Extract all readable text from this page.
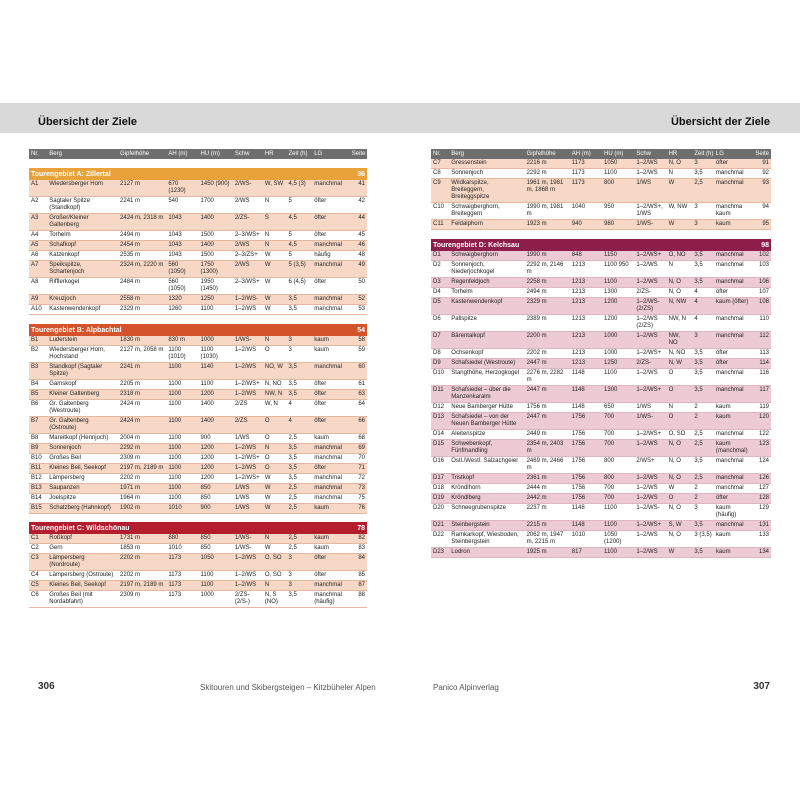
Übersicht der Ziele	Übersicht der Ziele
Nr.	Berg	Gipfelhöhe	AH (m)	HU (m)	Schw	HR	Zeit (h)	LG	Seite

Tourengebiet A: Zillertal									36
A1	Wiedersberger Horn	2127 m	670 (1230)	1450 (900)	2/WS-	W, SW	4,5 (3)	manchmal	41
A2	Sagtaler Spitze (Standkopf)	2241 m	540	1700	2/WS	N	5	öfter	42
A3	Großer/Kleiner Galtenberg	2424 m, 2318 m	1043	1400	2/ZS-	S	4,5	öfter	44
A4	Torhelm	2494 m	1043	1500	2–3/WS+	N	5	öfter	45
A5	Schafkopf	2454 m	1043	1400	2/WS	N	4,5	manchmal	46
A6	Katzenkopf	2535 m	1043	1500	2–3/ZS+	W	5	häufig	48
A7	Speikspitze, Schartenjoch	2324 m, 2220 m	560 (1050)	1750 (1300)	2/WS	W	5 (3,5)	manchmal	49
A8	Rifflerkogel	2484 m	560 (1050)	1950 (1450)	2–3/WS+	W	6 (4,5)	öfter	50
A9	Kreuzjoch	2558 m	1320	1250	1–2/WS-	W	3,5	manchmal	52
A10	Kastenwendenkopf	2329 m	1260	1100	1–2/WS	W	3,5	manchmal	53

Tourengebiet B: Alpbachtal									54
B1	Luderstein	1830 m	830 m	1000	1/WS-	N	3	kaum	58
B2	Wiedersberger Horn, Hochstand	2127 m, 2058 m	1100 (1010)	1100 (1030)	1–2/WS	O	3	kaum	59
B3	Standkopf (Sagtaler Spitze)	2241 m	1100	1140	1–2/WS	NO, W	3,5	manchmal	60
B4	Gamskopf	2205 m	1100	1100	1–2/WS+	N, NO	3,5	öfter	61
B5	Kleiner Galtenberg	2318 m	1100	1200	1–2/WS	NW, N	3,5	öfter	63
B6	Gr. Galtenberg (Westroute)	2424 m	1100	1400	2/ZS	W, N	4	öfter	64
B7	Gr. Galtenberg (Ostroute)	2424 m	1100	1400	2/ZS	O	4	öfter	66
B8	Mareitkopf (Hennjoch)	2004 m	1100	900	1/WS	O	2,5	kaum	68
B9	Sonnenjoch	2292 m	1100	1200	1–2/WS	N	3,5	manchmal	69
B10	Großes Beil	2309 m	1100	1200	1–2/WS+	O	3,5	manchmal	70
B11	Kleines Beil, Seekopf	2197 m, 2189 m	1100	1200	1–2/WS	O	3,5	öfter	71
B12	Lämpersberg	2202 m	1100	1200	1–2/WS+	W	3,5	manchmal	72
B13	Saupanzen	1971 m	1100	850	1/WS	W	2,5	manchmal	73
B14	Joelspitze	1964 m	1100	850	1/WS	W	2,5	manchmal	75
B15	Schatzberg (Hahnkopf)	1902 m	1010	900	1/WS	W	2,5	kaum	76

Tourengebiet C: Wildschönau									78
C1	Roßkopf	1731 m	880	850	1/WS-	N	2,5	kaum	82
C2	Gern	1853 m	1010	850	1/WS-	W	2,5	kaum	83
C3	Lämpersberg (Nordroute)	2202 m	1173	1050	1–2/WS	O, SO	3	öfter	84
C4	Lämpersberg (Ostroute)	2202 m	1173	1100	1–2/WS	O, SO	3	öfter	85
C5	Kleines Beil, Seekopf	2197 m, 2189 m	1173	1100	1–2/WS	N	3	manchmal	87
C6	Großes Beil (mit Nordabfahrt)	2309 m	1173	1000	2/ZS- (2/S-)	N, S (NO)	3,5	manchmal (häufig)	88
Nr.	Berg	Gipfelhöhe	AH (m)	HU (m)	Schw	HR	Zeit (h)	LG	Seite
C7	Gressenstein	2216 m	1173	1050	1–2/WS	N, O	3	öfter	91
C8	Sonnenjoch	2292 m	1173	1100	1–2/WS	N	3,5	manchmal	92
C9	Wildkarspitze, Breiteggern, Breiteggspitze	1961 m, 1981 m, 1868 m	1173	800	1/WS	W	2,5	manchmal	93
C10	Schwaigberghorn, Breiteggern	1990 m, 1981 m	1040	950	1–2/WS+, 1/WS	W, NW	3	manchma kaum	94
C11	Feldalphorn	1923 m	940	980	1/WS-	W	3	kaum	95

Tourengebiet D: Kelchsau									98
D1	Schwaigberghorn	1990 m	848	1150	1–2/WS+	O, NO	3,5	manchmal	102
D2	Sonnenjoch, Niederjochkogel	2292 m, 2146 m	1213	1100 950	1–2/WS	N	3,5	manchmal	103
D3	Regenfeldjoch	2258 m	1213	1100	1–2/WS	N, O	3,5	manchmal	106
D4	Torhelm	2494 m	1213	1300	2/ZS-	N, O	4	öfter	107
D5	Kastenwendenkopf	2329 m	1213	1200	1–2/WS- (2/ZS)	N, NW	4	kaum (öfter)	108
D6	Pallspitze	2389 m	1213	1200	1–2/WS (2/ZS)	NW, N	4	manchmal	110
D7	Bärentalkopf	2200 m	1213	1000	1–2/WS	NW, NO	3	manchmal	112
D8	Ochsenkopf	2202 m	1213	1000	1–2/WS+	N, NO	3,5	öfter	113
D9	Schafsiedel (Westroute)	2447 m	1213	1250	2/ZS-	N, W	3,5	öfter	114
D10	Stangthöhe, Herzogkogel	2276 m, 2282 m	1148	1100	1–2/WS	O	3,5	manchmal	116
D11	Schafsiedel – über die Manzenkaralm	2447 m	1148	1300	1–2/WS+	O	3,5	manchmal	117
D12	Neue Bamberger Hütte	1756 m	1148	650	1/WS	N	2	kaum	119
D13	Schafsiedel – von der Neuen Bamberger Hütte	2447 m	1756	700	1/WS-	O	2	kaum	120
D14	Aleitenspitze	2449 m	1756	700	1–2/WS+	O, SO	2,5	manchmal	122
D15	Schwebenkopf, Fünfmandling	2354 m, 2403 m	1756	700	1–2/WS	N, O	2,5	kaum (manchmal)	123
D16	Östl./Westl. Salzachgeier	2469 m, 2466 m	1756	800	2/WS+	N, O	3,5	manchmal	124
D17	Tristkopf	2361 m	1756	800	1–2/WS	N, O	2,5	manchmal	126
D18	Kröndlhorn	2444 m	1756	700	1–2/WS	W	2	manchmal	127
D19	Kröndlberg	2442 m	1756	700	1–2/WS	O	2	öfter	128
D20	Schneegrubenspitze	2237 m	1148	1100	1–2/WS-	N, O	3	kaum (häufig)	129
D21	Steinbergstein	2215 m	1148	1100	1–2/WS+	S, W	3,5	manchmal	131
D22	Ramkarkopf, Wiesboden, Steinbergstein	2062 m, 1947 m, 2215 m	1010	1050 (1200)	1–2/WS	N, O	3 (3,5)	kaum	133
D23	Lodron	1925 m	817	1100	1–2/WS	W	3,5	kaum	134
306	Skitouren und Skibergsteigen – Kitzbüheler Alpen	Panico Alpinverlag	307
